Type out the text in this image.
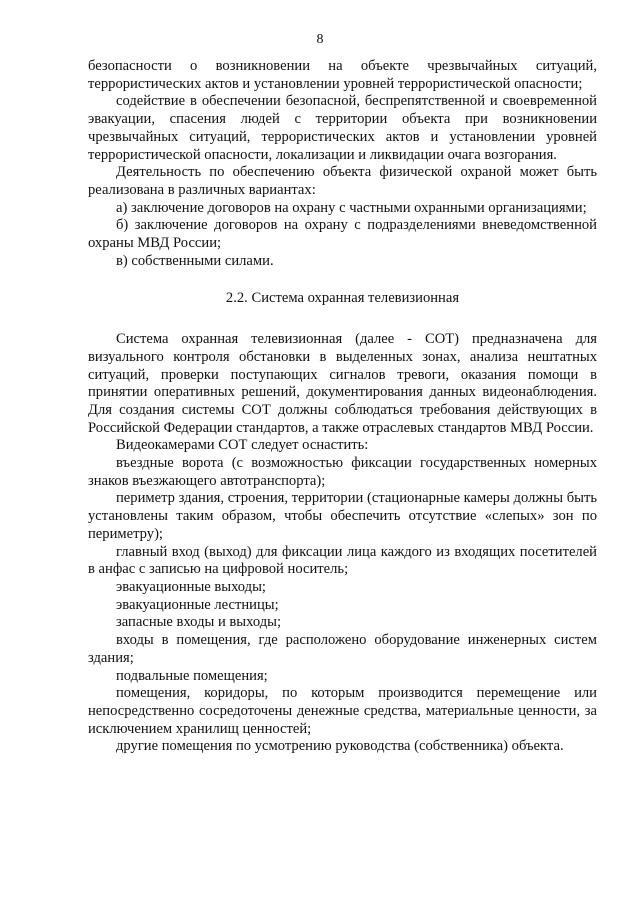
8

безопасности о возникновении на объекте чрезвычайных ситуаций, террористических актов и установлении уровней террористической опасности;

содействие в обеспечении безопасной, беспрепятственной и своевременной эвакуации, спасения людей с территории объекта при возникновении чрезвычайных ситуаций, террористических актов и установлении уровней террористической опасности, локализации и ликвидации очага возгорания.

Деятельность по обеспечению объекта физической охраной может быть реализована в различных вариантах:

а) заключение договоров на охрану с частными охранными организациями;

б) заключение договоров на охрану с подразделениями вневедомственной охраны МВД России;

в) собственными силами.

2.2. Система охранная телевизионная

Система охранная телевизионная (далее - СОТ) предназначена для визуального контроля обстановки в выделенных зонах, анализа нештатных ситуаций, проверки поступающих сигналов тревоги, оказания помощи в принятии оперативных решений, документирования данных видеонаблюдения. Для создания системы СОТ должны соблюдаться требования действующих в Российской Федерации стандартов, а также отраслевых стандартов МВД России.

Видеокамерами СОТ следует оснастить:

въездные ворота (с возможностью фиксации государственных номерных знаков въезжающего автотранспорта);

периметр здания, строения, территории (стационарные камеры должны быть установлены таким образом, чтобы обеспечить отсутствие «слепых» зон по периметру);

главный вход (выход) для фиксации лица каждого из входящих посетителей в анфас с записью на цифровой носитель;

эвакуационные выходы;

эвакуационные лестницы;

запасные входы и выходы;

входы в помещения, где расположено оборудование инженерных систем здания;

подвальные помещения;

помещения, коридоры, по которым производится перемещение или непосредственно сосредоточены денежные средства, материальные ценности, за исключением хранилищ ценностей;

другие помещения по усмотрению руководства (собственника) объекта.
